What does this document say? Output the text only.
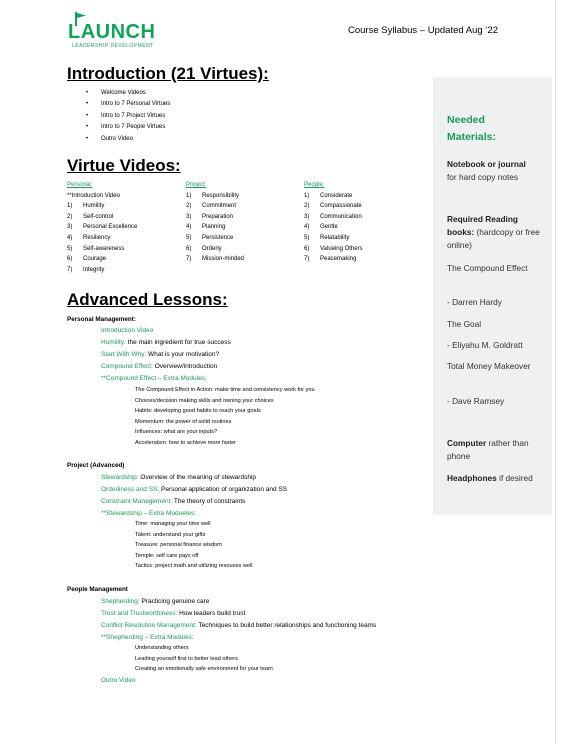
LAUNCH
LEADERSHIP DEVELOPMENT
Course Syllabus – Updated Aug ‘22
Introduction (21 Virtues):
• Welcome Videos
• Intro to 7 Personal Virtues
• Intro to 7 Project Virtues
• Intro to 7 People Virtues
• Outro Video
Virtue Videos:
Personal:
**Introduction Video
1) Humility
2) Self-control
3) Personal Excellence
4) Resiliency
5) Self-awareness
6) Courage
7) Integrity
Project:
1) Responsibility
2) Commitment
3) Preparation
4) Planning
5) Persistence
6) Orderly
7) Mission-minded
People:
1) Considerate
2) Compassionate
3) Communication
4) Gentle
5) Relatability
6) Valueing Others
7) Peacemaking
Advanced Lessons:
Personal Management:
Introduction Video
Humility: the main ingredient for true success
Start With Why: What is your motivation?
Compound Effect: Overview/introduction
**Compound Effect – Extra Modules:
The Compound Effect in Action: make time and consistency work for you
Choices/decision making skills and owning your choices
Habits: developing good habits to reach your goals
Momentum: the power of solid routines
Influences: what are your inputs?
Acceleration: how to achieve more faster
Project (Advanced)
Stewardship: Overview of the meaning of stewardship
Orderliness and SS: Personal application of organization and SS
Constraint Management: The theory of constraints
**Stewardship – Extra Modueles:
Time: managing your time well
Talent: understand your gifts
Treasure: personal finance wisdom
Temple: self care pays off
Tactics: project math and utilizing resouces well
People Management
Shepherding: Practicing genuine care
Trust and Trustworthiness: How leaders build trust
Conflict Resolution Management: Techniques to build better relationships and functioning teams
**Shepherding – Extra Modules:
Understanding others
Leading yourself first to better lead others
Creating an emotionally safe environment for your team
Outro Video
Needed
Materials:
Notebook or journal
for hard copy notes
Required Reading books: (hardcopy or free online)
The Compound Effect
- Darren Hardy
The Goal
- Eliyahu M. Goldratt
Total Money Makeover
- Dave Ramsey
Computer rather than phone
Headphones if desired
